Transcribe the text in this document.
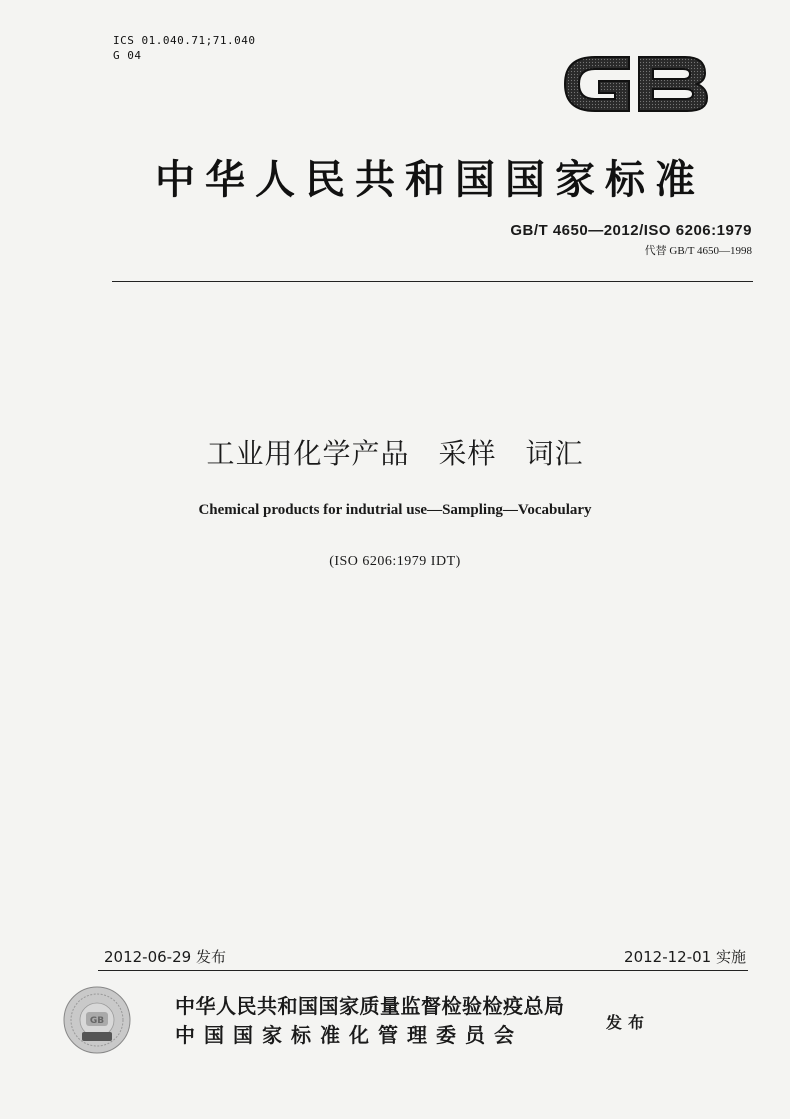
ICS 01.040.71;71.040
G 04
中华人民共和国国家标准
GB/T 4650—2012/ISO 6206:1979
代替 GB/T 4650—1998
工业用化学产品　采样　词汇
Chemical products for indutrial use—Sampling—Vocabulary
(ISO 6206:1979 IDT)
2012-06-29 发布	2012-12-01 实施
GB
中华人民共和国国家质量监督检验检疫总局
中国国家标准化管理委员会
发布
